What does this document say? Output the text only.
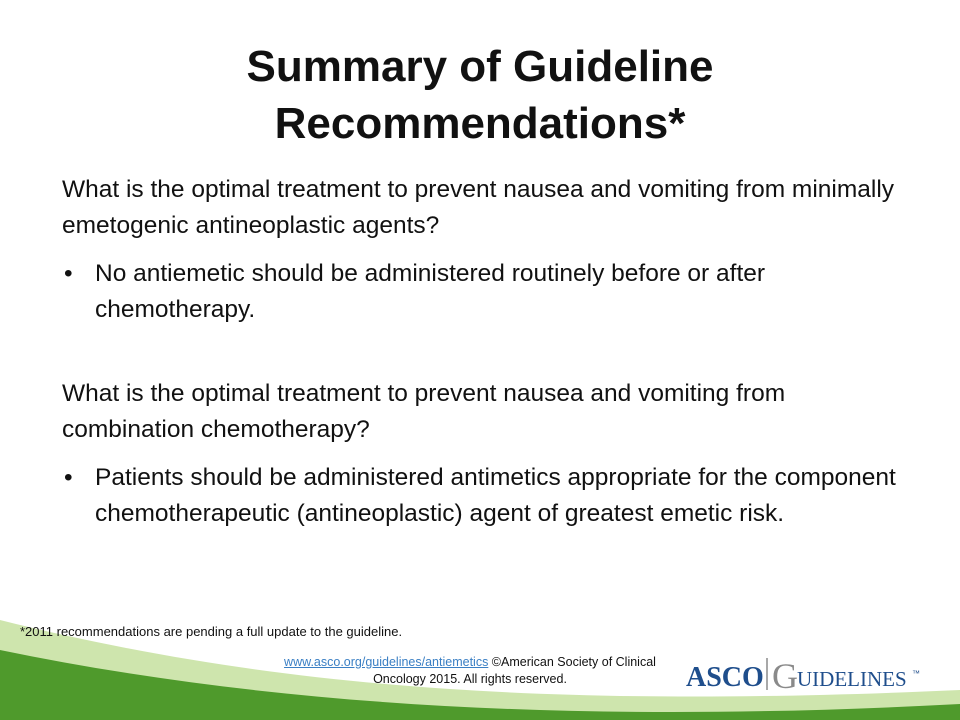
Summary of Guideline Recommendations*

What is the optimal treatment to prevent nausea and vomiting from minimally emetogenic antineoplastic agents?

• No antiemetic should be administered routinely before or after chemotherapy.

What is the optimal treatment to prevent nausea and vomiting from combination chemotherapy?

• Patients should be administered antimetics appropriate for the component chemotherapeutic (antineoplastic) agent of greatest emetic risk.
*2011 recommendations are pending a full update to the guideline.
www.asco.org/guidelines/antiemetics ©American Society of Clinical Oncology 2015. All rights reserved.	ASCO G UIDELINES ™
